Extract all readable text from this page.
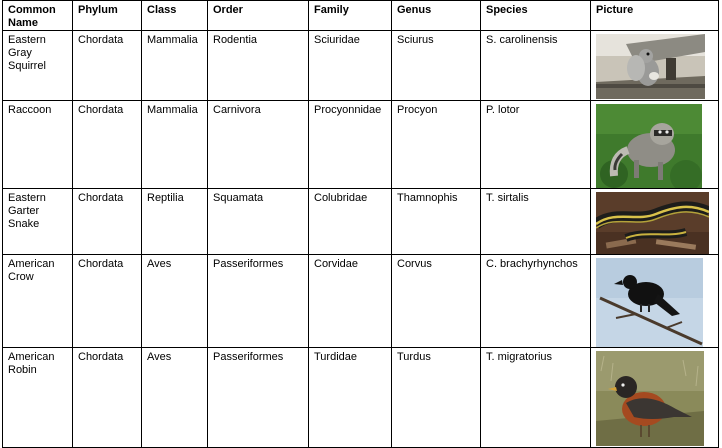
Common Name	Phylum	Class	Order	Family	Genus	Species	Picture
Eastern Gray Squirrel	Chordata	Mammalia	Rodentia	Sciuridae	Sciurus	S. carolinensis	

Raccoon	Chordata	Mammalia	Carnivora	Procyonnidae	Procyon	P. lotor	

Eastern Garter Snake	Chordata	Reptilia	Squamata	Colubridae	Thamnophis	T. sirtalis	

American Crow	Chordata	Aves	Passeriformes	Corvidae	Corvus	C. brachyrhynchos	

American Robin	Chordata	Aves	Passeriformes	Turdidae	Turdus	T. migratorius	
